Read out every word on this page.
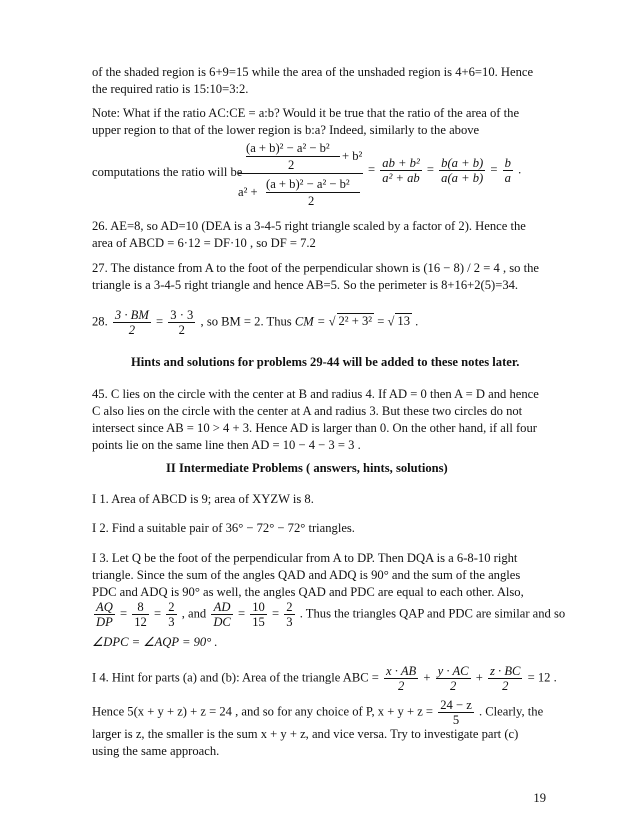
of the shaded region is 6+9=15 while the area of the unshaded region is 4+6=10. Hence
the required ratio is 15:10=3:2.

Note: What if the ratio AC:CE = a:b? Would it be true that the ratio of the area of the
upper region to that of the lower region is b:a? Indeed, similarly to the above

computations the ratio will be
(a + b)² − a² − b²
2
+ b²
a² +
(a + b)² − a² − b²
2
= $\frac{\text{ab + b²}}{\text{a² + ab}} = \frac{b(a + b)}{a(a + b)} = \frac{b}{a}$ .

26. AE=8, so AD=10 (DEA is a 3-4-5 right triangle scaled by a factor of 2). Hence the
area of ABCD = 6·12 = DF·10 , so DF = 7.2

27. The distance from A to the foot of the perpendicular shown is (16 − 8) / 2 = 4 , so the
triangle is a 3-4-5 right triangle and hence AB=5. So the perimeter is 8+16+2(5)=34.

28. $\frac{3 \cdot BM}{2} = \frac{3 \cdot 3}{2}$ , so BM = 2. Thus CM = √ 2² + 3² = √ 13 .
Hints and solutions for problems 29-44 will be added to these notes later.

45. C lies on the circle with the center at B and radius 4. If AD = 0 then A = D and hence
C also lies on the circle with the center at A and radius 3. But these two circles do not
intersect since AB = 10 > 4 + 3. Hence AD is larger than 0. On the other hand, if all four
points lie on the same line then AD = 10 − 4 − 3 = 3 .

II Intermediate Problems ( answers, hints, solutions)
I 1. Area of ABCD is 9; area of XYZW is 8.
I 2. Find a suitable pair of 36° − 72° − 72° triangles.

I 3. Let Q be the foot of the perpendicular from A to DP. Then DQA is a 6-8-10 right
triangle. Since the sum of the angles QAD and ADQ is 90° and the sum of the angles
PDC and ADQ is 90° as well, the angles QAD and PDC are equal to each other. Also,

$\frac{AQ}{DP} = \frac{8}{12} = \frac{2}{3}$ , and $\frac{AD}{DC} = \frac{10}{15} = \frac{2}{3}$ . Thus the triangles QAP and PDC are similar and so
∠DPC = ∠AQP = 90° .
I 4. Hint for parts (a) and (b): Area of the triangle ABC = $\frac{x \cdot AB}{2} + \frac{y \cdot AC}{2} + \frac{z \cdot BC}{2} = 12$ .
Hence 5(x + y + z) + z = 24 , and so for any choice of P, $x + y + z = \frac{24 - z}{5}$ . Clearly, the

larger is z, the smaller is the sum x + y + z, and vice versa. Try to investigate part (c)
using the same approach.

19
